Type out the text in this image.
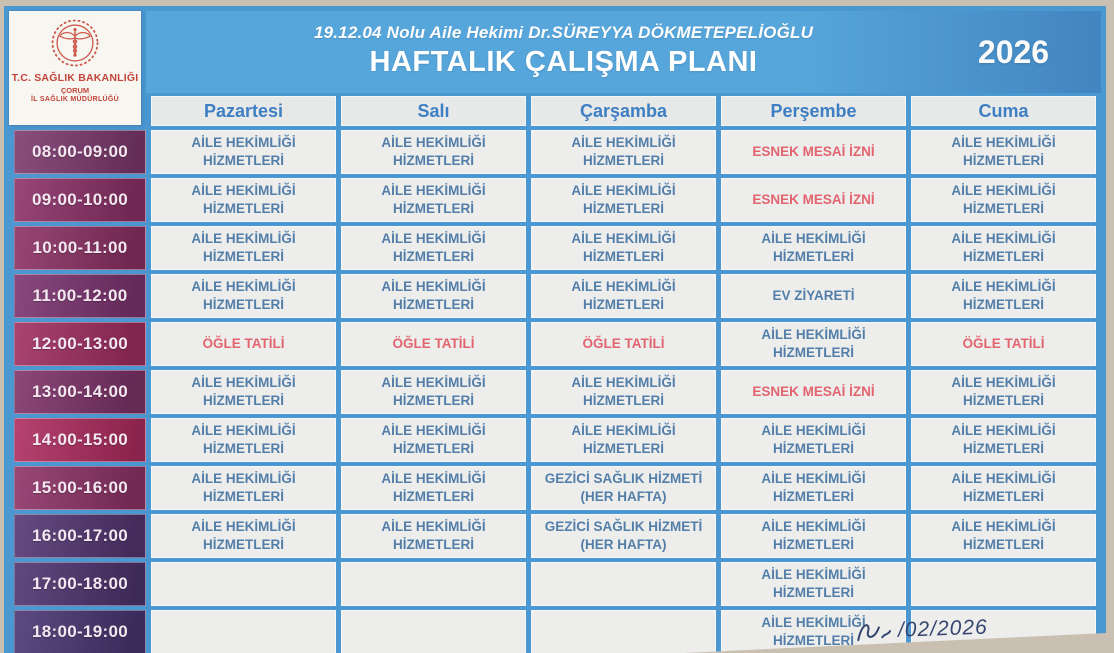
T.C. SAĞLIK BAKANLIĞI
ÇORUM
İL SAĞLIK MÜDÜRLÜĞÜ
19.12.04 Nolu Aile Hekimi Dr.SÜREYYA DÖKMETEPELİOĞLU
HAFTALIK ÇALIŞMA PLANI	2026
	Pazartesi	Salı	Çarşamba	Perşembe	Cuma
08:00-09:00	AİLE HEKİMLİĞİ HİZMETLERİ	AİLE HEKİMLİĞİ HİZMETLERİ	AİLE HEKİMLİĞİ HİZMETLERİ	ESNEK MESAİ İZNİ	AİLE HEKİMLİĞİ HİZMETLERİ
09:00-10:00	AİLE HEKİMLİĞİ HİZMETLERİ	AİLE HEKİMLİĞİ HİZMETLERİ	AİLE HEKİMLİĞİ HİZMETLERİ	ESNEK MESAİ İZNİ	AİLE HEKİMLİĞİ HİZMETLERİ
10:00-11:00	AİLE HEKİMLİĞİ HİZMETLERİ	AİLE HEKİMLİĞİ HİZMETLERİ	AİLE HEKİMLİĞİ HİZMETLERİ	AİLE HEKİMLİĞİ HİZMETLERİ	AİLE HEKİMLİĞİ HİZMETLERİ
11:00-12:00	AİLE HEKİMLİĞİ HİZMETLERİ	AİLE HEKİMLİĞİ HİZMETLERİ	AİLE HEKİMLİĞİ HİZMETLERİ	EV ZİYARETİ	AİLE HEKİMLİĞİ HİZMETLERİ
12:00-13:00	ÖĞLE TATİLİ	ÖĞLE TATİLİ	ÖĞLE TATİLİ	AİLE HEKİMLİĞİ HİZMETLERİ	ÖĞLE TATİLİ
13:00-14:00	AİLE HEKİMLİĞİ HİZMETLERİ	AİLE HEKİMLİĞİ HİZMETLERİ	AİLE HEKİMLİĞİ HİZMETLERİ	ESNEK MESAİ İZNİ	AİLE HEKİMLİĞİ HİZMETLERİ
14:00-15:00	AİLE HEKİMLİĞİ HİZMETLERİ	AİLE HEKİMLİĞİ HİZMETLERİ	AİLE HEKİMLİĞİ HİZMETLERİ	AİLE HEKİMLİĞİ HİZMETLERİ	AİLE HEKİMLİĞİ HİZMETLERİ
15:00-16:00	AİLE HEKİMLİĞİ HİZMETLERİ	AİLE HEKİMLİĞİ HİZMETLERİ	GEZİCİ SAĞLIK HİZMETİ (HER HAFTA)	AİLE HEKİMLİĞİ HİZMETLERİ	AİLE HEKİMLİĞİ HİZMETLERİ
16:00-17:00	AİLE HEKİMLİĞİ HİZMETLERİ	AİLE HEKİMLİĞİ HİZMETLERİ	GEZİCİ SAĞLIK HİZMETİ (HER HAFTA)	AİLE HEKİMLİĞİ HİZMETLERİ	AİLE HEKİMLİĞİ HİZMETLERİ
17:00-18:00				AİLE HEKİMLİĞİ HİZMETLERİ	
18:00-19:00				AİLE HEKİMLİĞİ HİZMETLERİ	/02/2026
